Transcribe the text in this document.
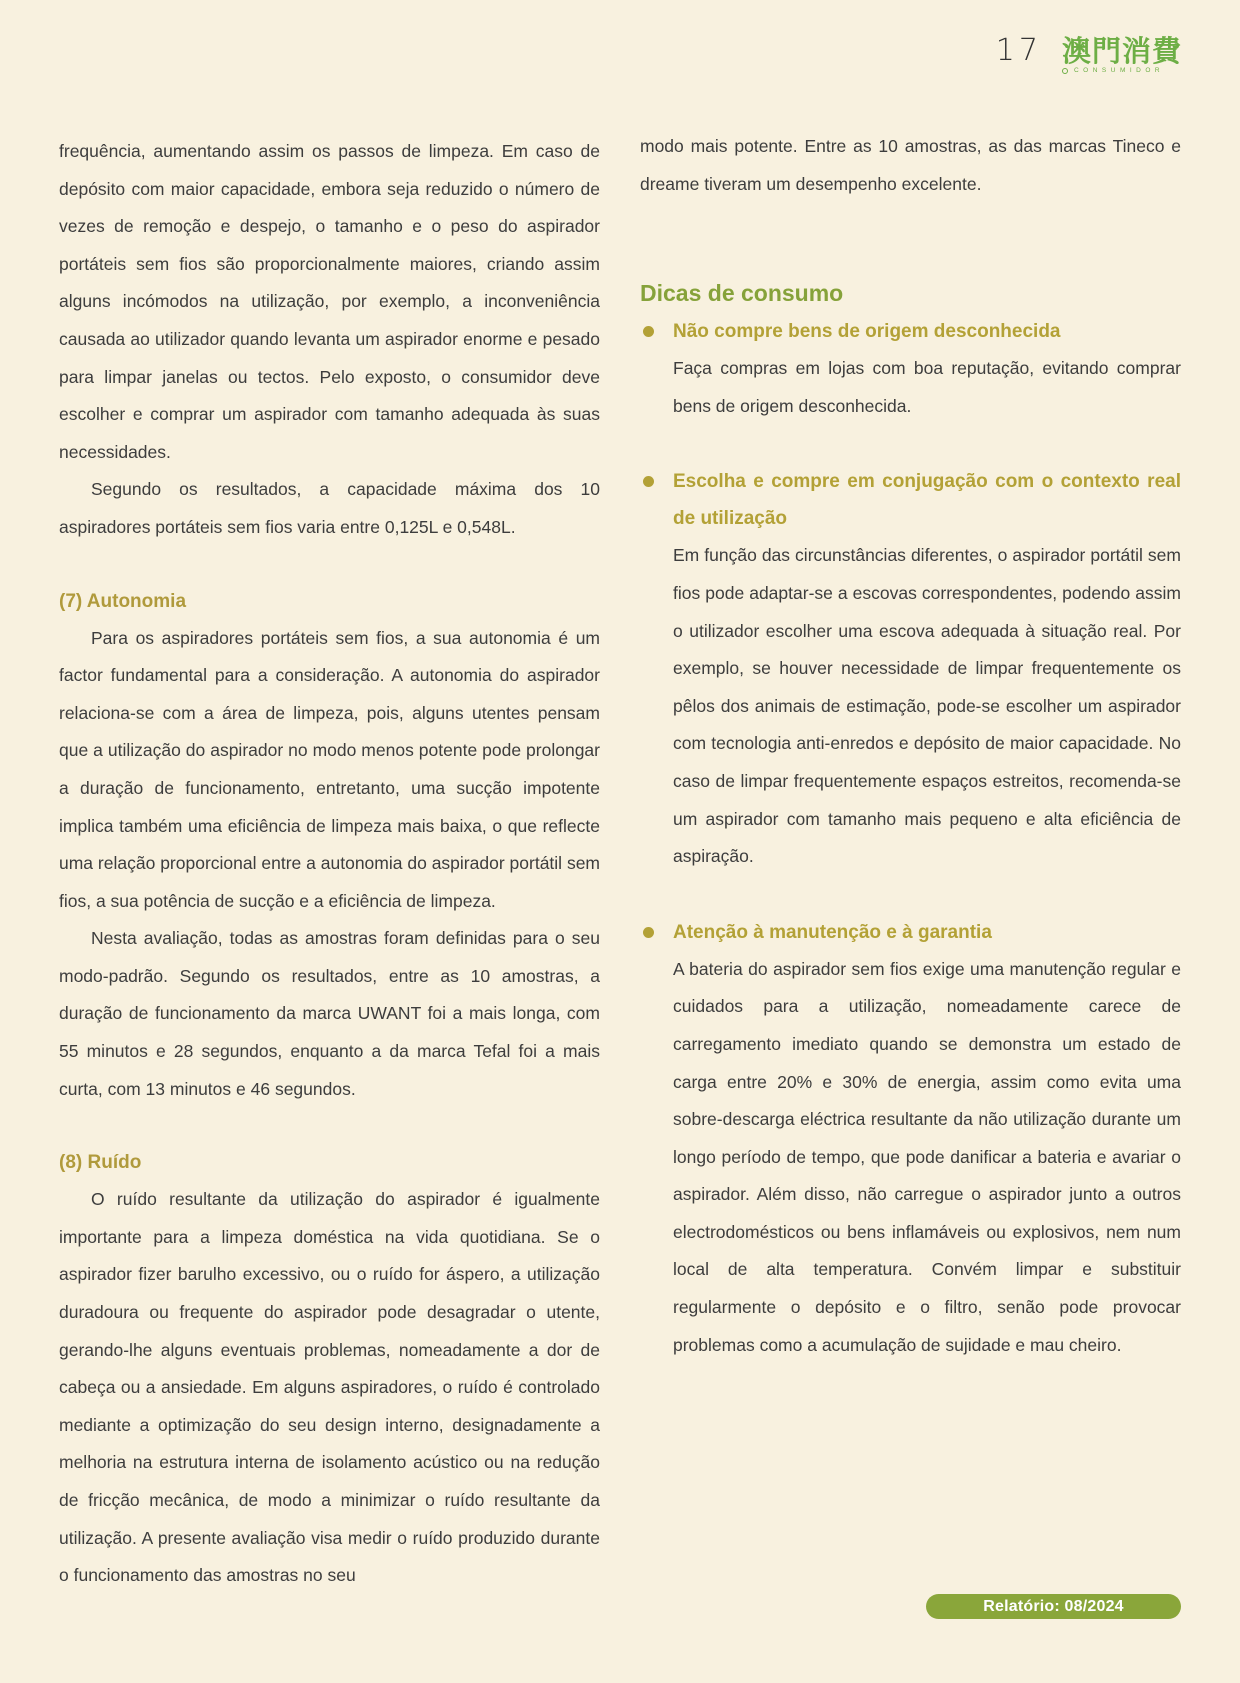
17 澳門消費
CONSUMIDOR

frequência, aumentando assim os passos de limpeza. Em caso de depósito com maior capacidade, embora seja reduzido o número de vezes de remoção e despejo, o tamanho e o peso do aspirador portáteis sem fios são proporcionalmente maiores, criando assim alguns incómodos na utilização, por exemplo, a inconveniência causada ao utilizador quando levanta um aspirador enorme e pesado para limpar janelas ou tectos. Pelo exposto, o consumidor deve escolher e comprar um aspirador com tamanho adequada às suas necessidades.

Segundo os resultados, a capacidade máxima dos 10 aspiradores portáteis sem fios varia entre 0,125L e 0,548L.

(7) Autonomia

Para os aspiradores portáteis sem fios, a sua autonomia é um factor fundamental para a consideração. A autonomia do aspirador relaciona-se com a área de limpeza, pois, alguns utentes pensam que a utilização do aspirador no modo menos potente pode prolongar a duração de funcionamento, entretanto, uma sucção impotente implica também uma eficiência de limpeza mais baixa, o que reflecte uma relação proporcional entre a autonomia do aspirador portátil sem fios, a sua potência de sucção e a eficiência de limpeza.

Nesta avaliação, todas as amostras foram definidas para o seu modo-padrão. Segundo os resultados, entre as 10 amostras, a duração de funcionamento da marca UWANT foi a mais longa, com 55 minutos e 28 segundos, enquanto a da marca Tefal foi a mais curta, com 13 minutos e 46 segundos.

(8) Ruído

O ruído resultante da utilização do aspirador é igualmente importante para a limpeza doméstica na vida quotidiana. Se o aspirador fizer barulho excessivo, ou o ruído for áspero, a utilização duradoura ou frequente do aspirador pode desagradar o utente, gerando-lhe alguns eventuais problemas, nomeadamente a dor de cabeça ou a ansiedade. Em alguns aspiradores, o ruído é controlado mediante a optimização do seu design interno, designadamente a melhoria na estrutura interna de isolamento acústico ou na redução de fricção mecânica, de modo a minimizar o ruído resultante da utilização. A presente avaliação visa medir o ruído produzido durante o funcionamento das amostras no seu

modo mais potente. Entre as 10 amostras, as das marcas Tineco e dreame tiveram um desempenho excelente.

Dicas de consumo
Não compre bens de origem desconhecida

Faça compras em lojas com boa reputação, evitando comprar bens de origem desconhecida.

Escolha e compre em conjugação com o contexto real de utilização

Em função das circunstâncias diferentes, o aspirador portátil sem fios pode adaptar-se a escovas correspondentes, podendo assim o utilizador escolher uma escova adequada à situação real. Por exemplo, se houver necessidade de limpar frequentemente os pêlos dos animais de estimação, pode-se escolher um aspirador com tecnologia anti-enredos e depósito de maior capacidade. No caso de limpar frequentemente espaços estreitos, recomenda-se um aspirador com tamanho mais pequeno e alta eficiência de aspiração.

Atenção à manutenção e à garantia

A bateria do aspirador sem fios exige uma manutenção regular e cuidados para a utilização, nomeadamente carece de carregamento imediato quando se demonstra um estado de carga entre 20% e 30% de energia, assim como evita uma sobre-descarga eléctrica resultante da não utilização durante um longo período de tempo, que pode danificar a bateria e avariar o aspirador. Além disso, não carregue o aspirador junto a outros electrodomésticos ou bens inflamáveis ou explosivos, nem num local de alta temperatura. Convém limpar e substituir regularmente o depósito e o filtro, senão pode provocar problemas como a acumulação de sujidade e mau cheiro.

Relatório: 08/2024
